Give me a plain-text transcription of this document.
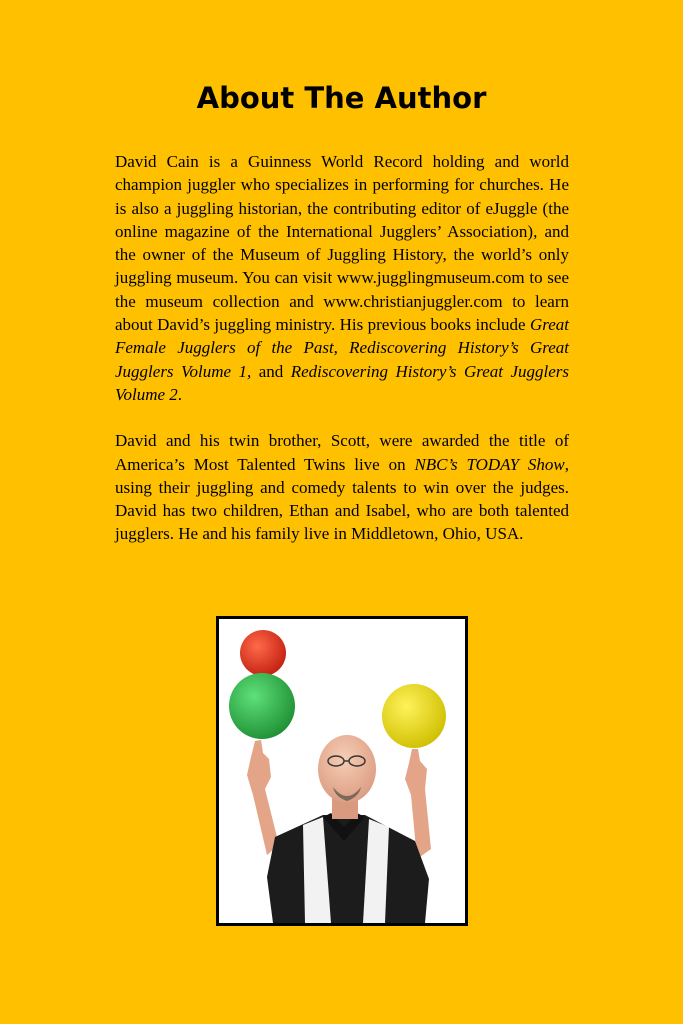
About The Author

David Cain is a Guinness World Record holding and world champion juggler who specializes in performing for churches. He is also a juggling historian, the contributing editor of eJuggle (the online magazine of the International Jugglers’ Association), and the owner of the Museum of Juggling History, the world’s only juggling museum. You can visit www.jugglingmuseum.com to see the museum collection and www.christianjuggler.com to learn about David’s juggling ministry. His previous books include Great Female Jugglers of the Past, Rediscovering History’s Great Jugglers Volume 1, and Rediscovering History’s Great Jugglers Volume 2.

David and his twin brother, Scott, were awarded the title of America’s Most Talented Twins live on NBC’s TODAY Show, using their juggling and comedy talents to win over the judges. David has two children, Ethan and Isabel, who are both talented jugglers. He and his family live in Middletown, Ohio, USA.
